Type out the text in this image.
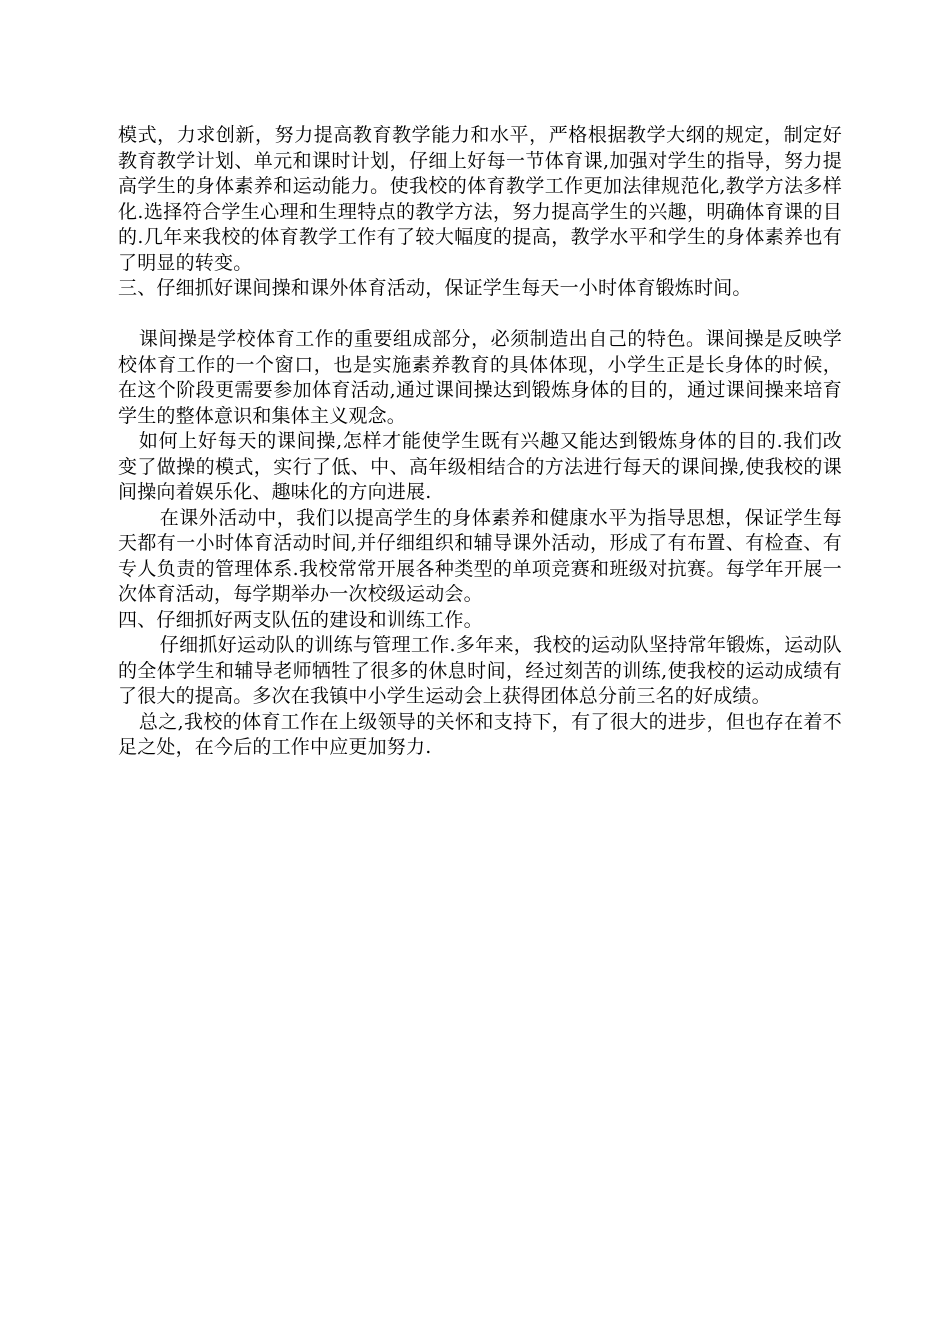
模式，力求创新，努力提高教育教学能力和水平，严格根据教学大纲的规定，制定好教育教学计划、单元和课时计划，仔细上好每一节体育课,加强对学生的指导，努力提高学生的身体素养和运动能力。使我校的体育教学工作更加法律规范化,教学方法多样化.选择符合学生心理和生理特点的教学方法，努力提高学生的兴趣，明确体育课的目的.几年来我校的体育教学工作有了较大幅度的提高，教学水平和学生的身体素养也有了明显的转变。

三、仔细抓好课间操和课外体育活动，保证学生每天一小时体育锻炼时间。

课间操是学校体育工作的重要组成部分，必须制造出自己的特色。课间操是反映学校体育工作的一个窗口，也是实施素养教育的具体体现，小学生正是长身体的时候，在这个阶段更需要参加体育活动,通过课间操达到锻炼身体的目的，通过课间操来培育学生的整体意识和集体主义观念。

如何上好每天的课间操,怎样才能使学生既有兴趣又能达到锻炼身体的目的.我们改变了做操的模式，实行了低、中、高年级相结合的方法进行每天的课间操,使我校的课间操向着娱乐化、趣味化的方向进展.

在课外活动中，我们以提高学生的身体素养和健康水平为指导思想，保证学生每天都有一小时体育活动时间,并仔细组织和辅导课外活动，形成了有布置、有检查、有专人负责的管理体系.我校常常开展各种类型的单项竞赛和班级对抗赛。每学年开展一次体育活动，每学期举办一次校级运动会。

四、仔细抓好两支队伍的建设和训练工作。

仔细抓好运动队的训练与管理工作.多年来，我校的运动队坚持常年锻炼，运动队的全体学生和辅导老师牺牲了很多的休息时间，经过刻苦的训练,使我校的运动成绩有了很大的提高。多次在我镇中小学生运动会上获得团体总分前三名的好成绩。

总之,我校的体育工作在上级领导的关怀和支持下，有了很大的进步，但也存在着不足之处，在今后的工作中应更加努力.
